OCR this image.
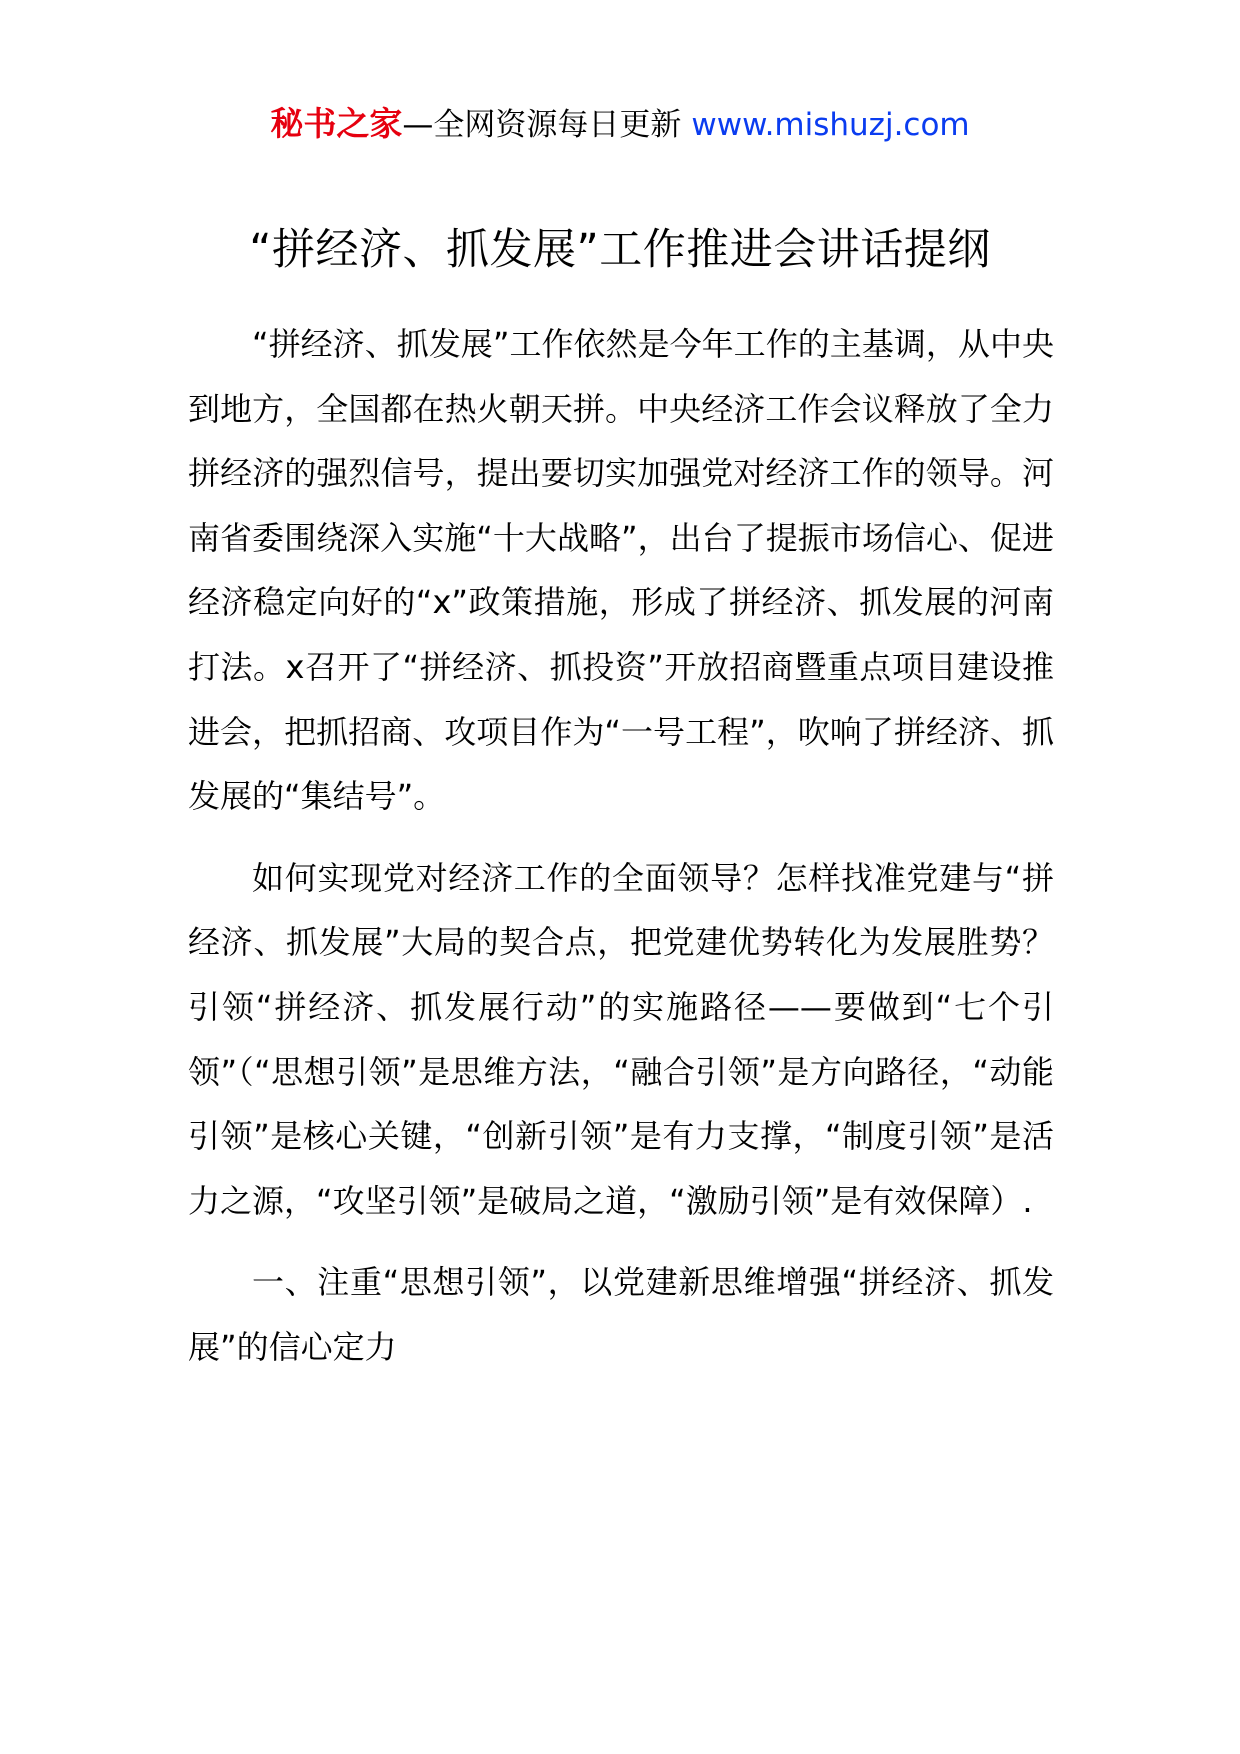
秘书之家—全网资源每日更新 www.mishuzj.com
“拼经济、抓发展”工作推进会讲话提纲

“拼经济、抓发展”工作依然是今年工作的主基调，从中央到地方，全国都在热火朝天拼。中央经济工作会议释放了全力拼经济的强烈信号，提出要切实加强党对经济工作的领导。河南省委围绕深入实施“十大战略”，出台了提振市场信心、促进经济稳定向好的“x”政策措施，形成了拼经济、抓发展的河南打法。x召开了“拼经济、抓投资”开放招商暨重点项目建设推进会，把抓招商、攻项目作为“一号工程”，吹响了拼经济、抓发展的“集结号”。

如何实现党对经济工作的全面领导？怎样找准党建与“拼经济、抓发展”大局的契合点，把党建优势转化为发展胜势？引领“拼经济、抓发展行动”的实施路径——要做到“七个引领”（“思想引领”是思维方法，“融合引领”是方向路径，“动能引领”是核心关键，“创新引领”是有力支撑，“制度引领”是活力之源，“攻坚引领”是破局之道，“激励引领”是有效保障）.

一、注重“思想引领”，以党建新思维增强“拼经济、抓发展”的信心定力
